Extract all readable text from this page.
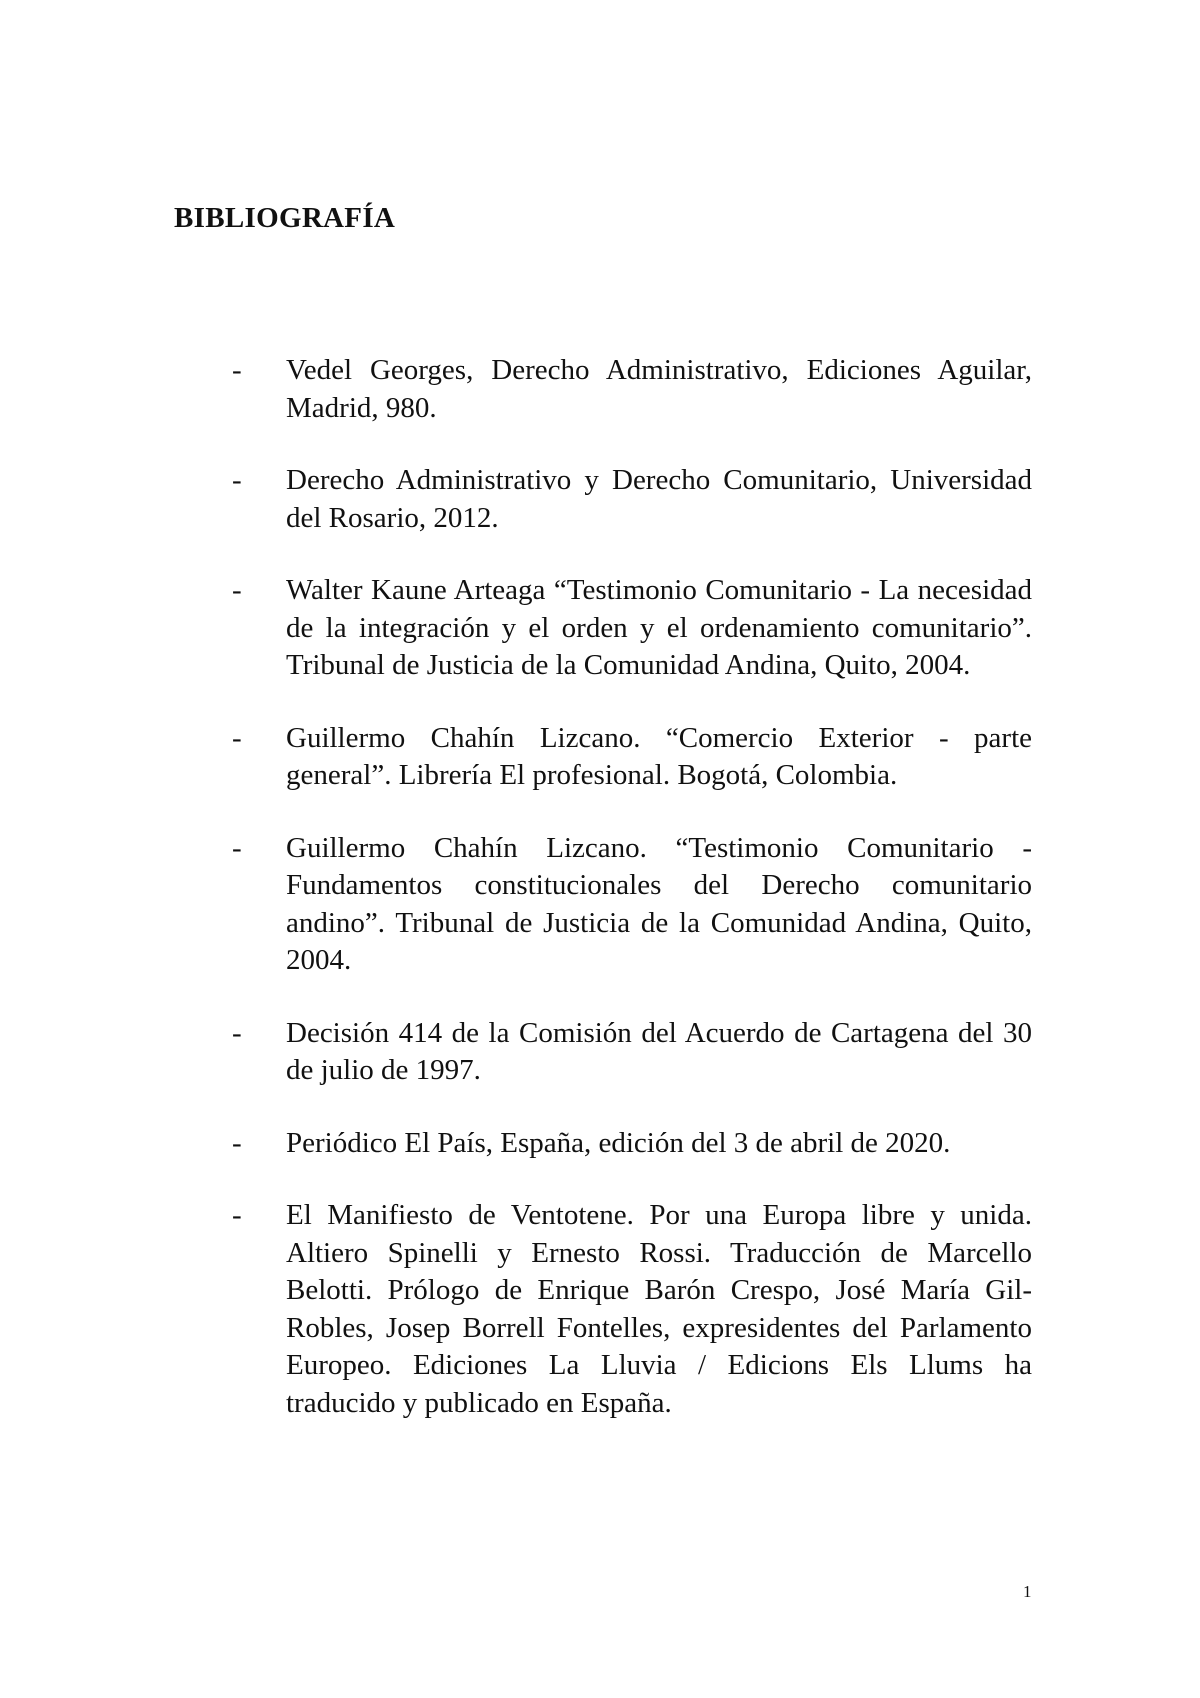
BIBLIOGRAFÍA
-	Vedel Georges, Derecho Administrativo, Ediciones Aguilar, Madrid, 980.
-	Derecho Administrativo y Derecho Comunitario, Universidad del Rosario, 2012.
-	Walter Kaune Arteaga “Testimonio Comunitario - La necesidad de la integración y el orden y el ordenamiento comunitario”. Tribunal de Justicia de la Comunidad Andina, Quito, 2004.
-	Guillermo Chahín Lizcano. “Comercio Exterior - parte general”. Librería El profesional. Bogotá, Colombia.
-	Guillermo Chahín Lizcano. “Testimonio Comunitario - Fundamentos constitucionales del Derecho comunitario andino”. Tribunal de Justicia de la Comunidad Andina, Quito, 2004.
-	Decisión 414 de la Comisión del Acuerdo de Cartagena del 30 de julio de 1997.
-	Periódico El País, España, edición del 3 de abril de 2020.
-	El Manifiesto de Ventotene. Por una Europa libre y unida. Altiero Spinelli y Ernesto Rossi. Traducción de Marcello Belotti. Prólogo de Enrique Barón Crespo, José María Gil-Robles, Josep Borrell Fontelles, expresidentes del Parlamento Europeo. Ediciones La Lluvia / Edicions Els Llums ha traducido y publicado en España.
1
